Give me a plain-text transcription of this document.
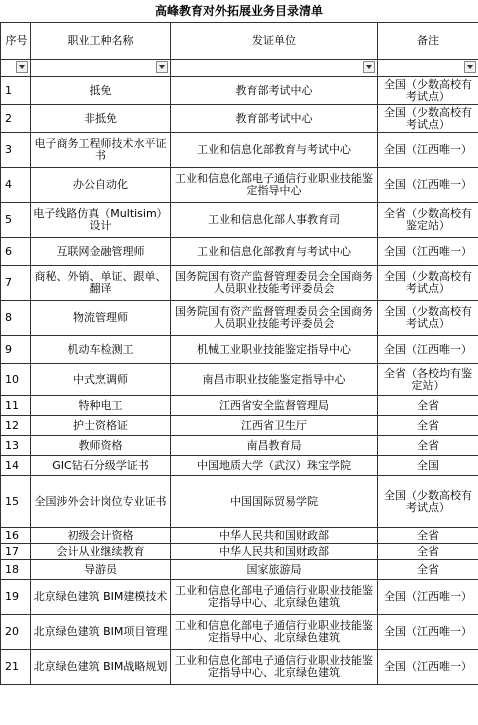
高峰教育对外拓展业务目录清单
序号	职业工种名称	发证单位	备注

1	抵免	教育部考试中心	全国（少数高校有考试点）
2	非抵免	教育部考试中心	全国（少数高校有考试点）
3	电子商务工程师技术水平证书	工业和信息化部教育与考试中心	全国（江西唯一）
4	办公自动化	工业和信息化部电子通信行业职业技能鉴定指导中心	全国（江西唯一）
5	电子线路仿真（Multisim）设计	工业和信息化部人事教育司	全省（少数高校有鉴定站）
6	互联网金融管理师	工业和信息化部教育与考试中心	全国（江西唯一）
7	商秘、外销、单证、跟单、翻译	国务院国有资产监督管理委员会全国商务人员职业技能考评委员会	全国（少数高校有考试点）
8	物流管理师	国务院国有资产监督管理委员会全国商务人员职业技能考评委员会	全国（少数高校有考试点）
9	机动车检测工	机械工业职业技能鉴定指导中心	全国（江西唯一）
10	中式烹调师	南昌市职业技能鉴定指导中心	全省（各校均有鉴定站）
11	特种电工	江西省安全监督管理局	全省
12	护士资格证	江西省卫生厅	全省
13	教师资格	南昌教育局	全省
14	GIC钻石分级学证书	中国地质大学（武汉）珠宝学院	全国
15	全国涉外会计岗位专业证书	中国国际贸易学院	全国（少数高校有考试点）
16	初级会计资格	中华人民共和国财政部	全省
17	会计从业继续教育	中华人民共和国财政部	全省
18	导游员	国家旅游局	全省
19	北京绿色建筑 BIM建模技术	工业和信息化部电子通信行业职业技能鉴定指导中心、北京绿色建筑	全国（江西唯一）
20	北京绿色建筑 BIM项目管理	工业和信息化部电子通信行业职业技能鉴定指导中心、北京绿色建筑	全国（江西唯一）
21	北京绿色建筑 BIM战略规划	工业和信息化部电子通信行业职业技能鉴定指导中心、北京绿色建筑	全国（江西唯一）
